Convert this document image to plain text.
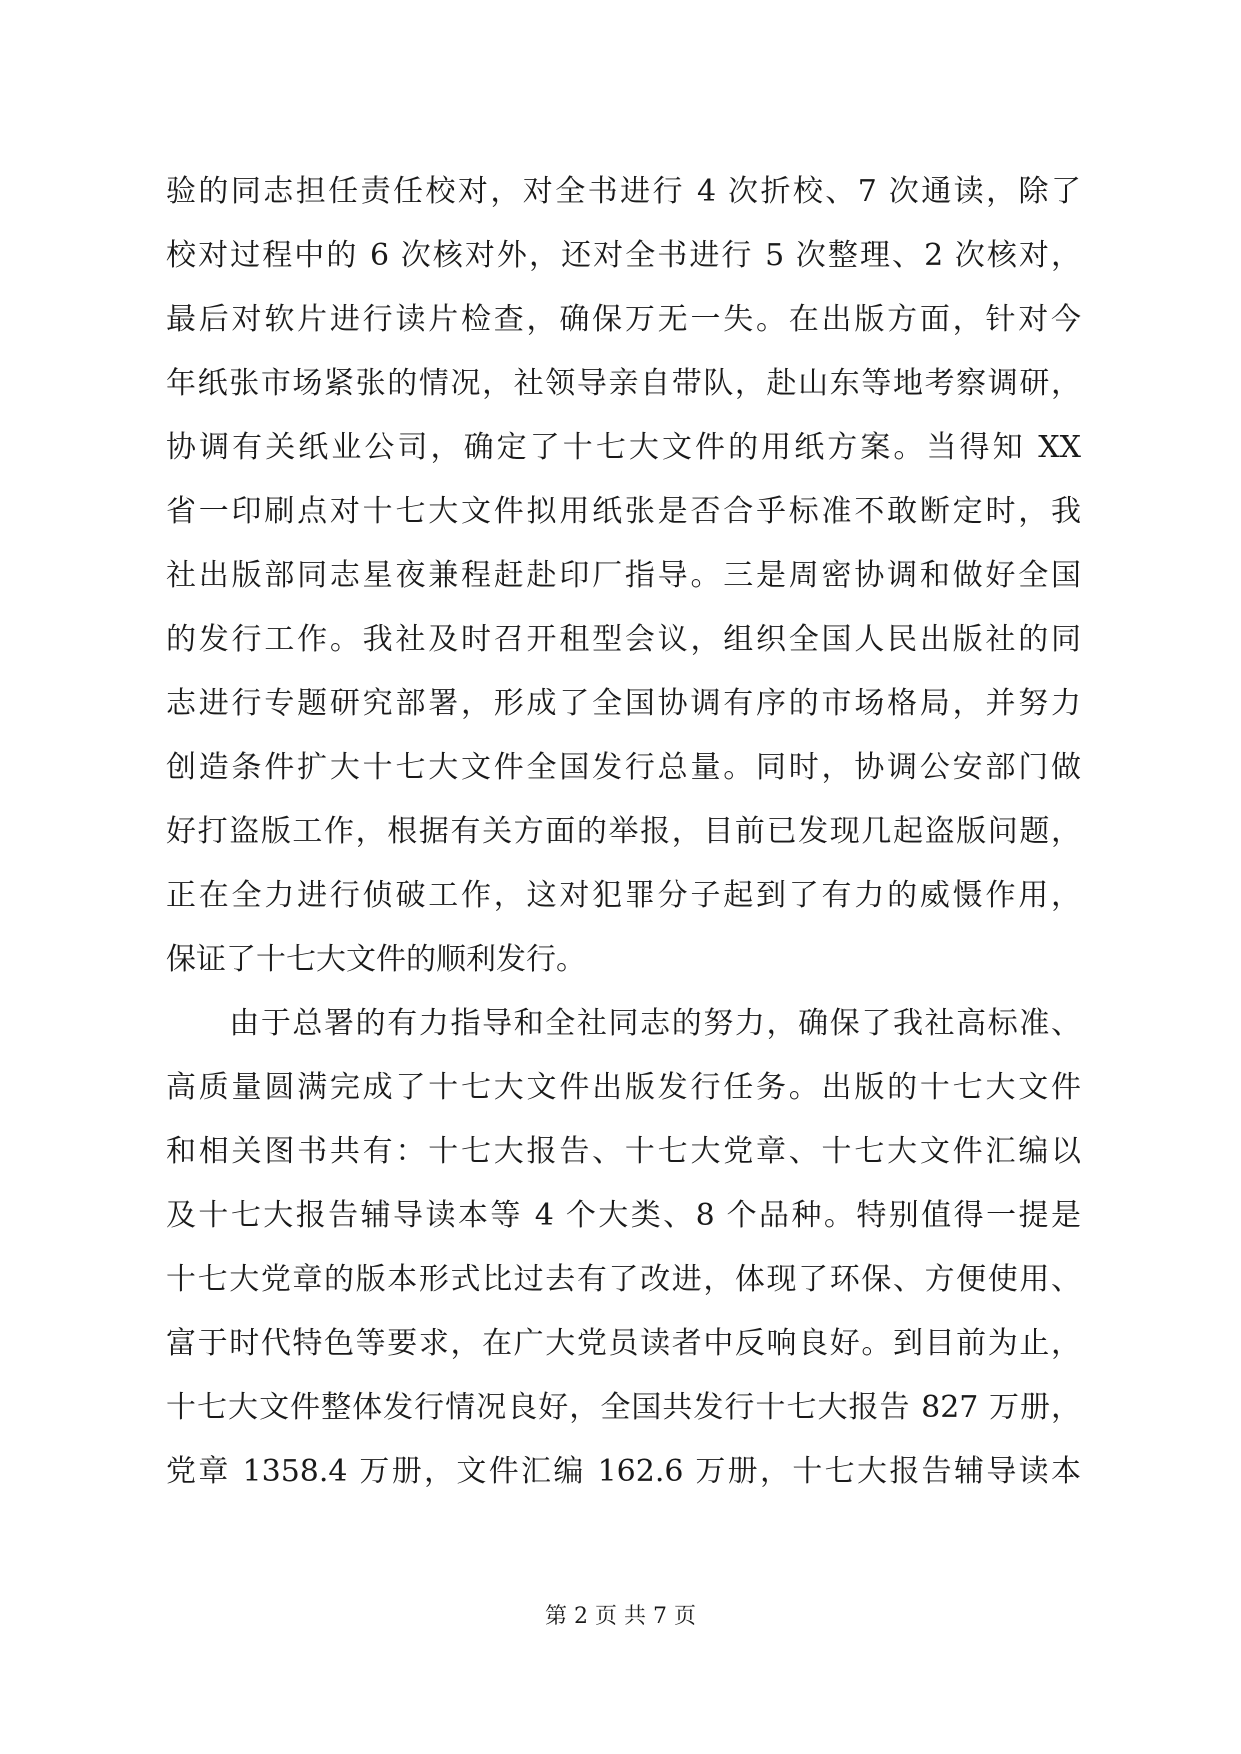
验的同志担任责任校对，对全书进行 4 次折校、7 次通读，除了
校对过程中的 6 次核对外，还对全书进行 5 次整理、2 次核对，
最后对软片进行读片检查，确保万无一失。在出版方面，针对今
年纸张市场紧张的情况，社领导亲自带队，赴山东等地考察调研，
协调有关纸业公司，确定了十七大文件的用纸方案。当得知 XX
省一印刷点对十七大文件拟用纸张是否合乎标准不敢断定时，我
社出版部同志星夜兼程赶赴印厂指导。三是周密协调和做好全国
的发行工作。我社及时召开租型会议，组织全国人民出版社的同
志进行专题研究部署，形成了全国协调有序的市场格局，并努力
创造条件扩大十七大文件全国发行总量。同时，协调公安部门做
好打盗版工作，根据有关方面的举报，目前已发现几起盗版问题，
正在全力进行侦破工作，这对犯罪分子起到了有力的威慑作用，
保证了十七大文件的顺利发行。
　　由于总署的有力指导和全社同志的努力，确保了我社高标准、
高质量圆满完成了十七大文件出版发行任务。出版的十七大文件
和相关图书共有：十七大报告、十七大党章、十七大文件汇编以
及十七大报告辅导读本等 4 个大类、8 个品种。特别值得一提是
十七大党章的版本形式比过去有了改进，体现了环保、方便使用、
富于时代特色等要求，在广大党员读者中反响良好。到目前为止，
十七大文件整体发行情况良好，全国共发行十七大报告 827 万册，
党章 1358.4 万册，文件汇编 162.6 万册，十七大报告辅导读本
第 2 页 共 7 页
